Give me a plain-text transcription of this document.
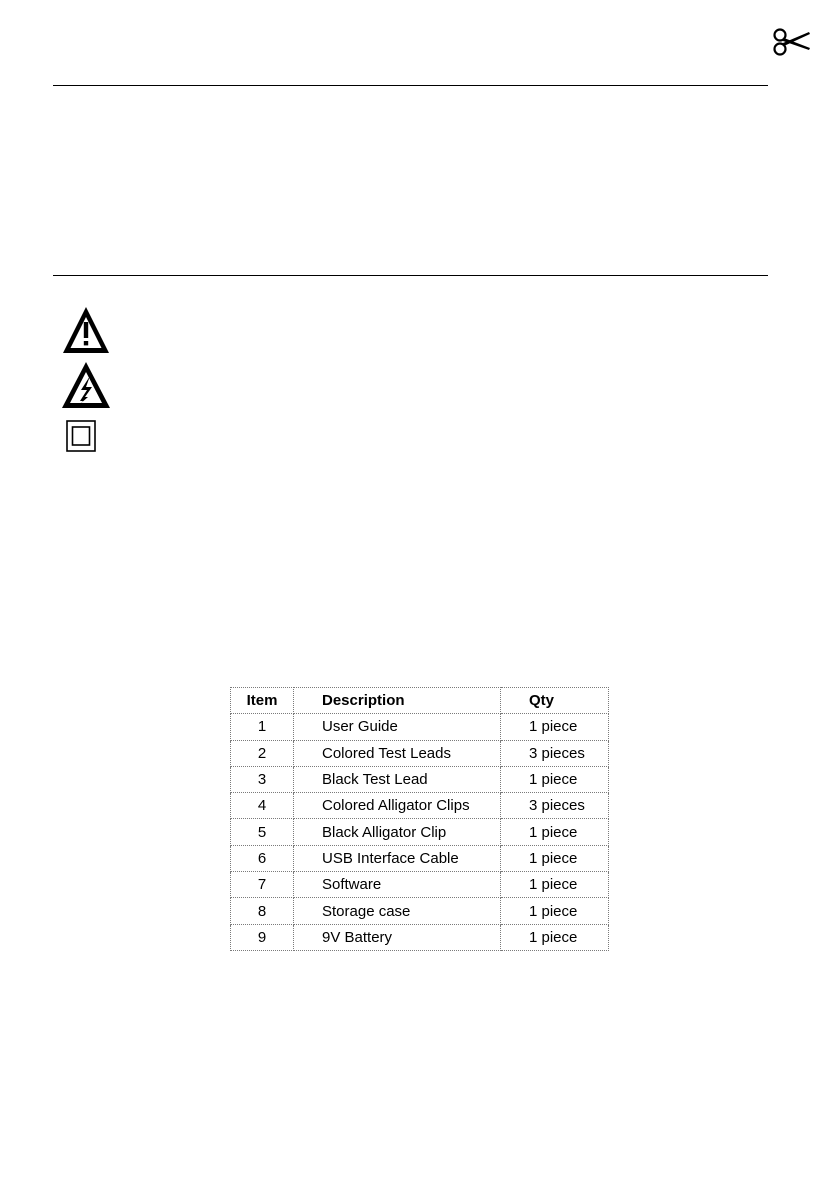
Item	Description	Qty
1	User Guide	1 piece
2	Colored Test Leads	3 pieces
3	Black Test Lead	1 piece
4	Colored Alligator Clips	3 pieces
5	Black Alligator Clip	1 piece
6	USB Interface Cable	1 piece
7	Software	1 piece
8	Storage case	1 piece
9	9V Battery	1 piece
